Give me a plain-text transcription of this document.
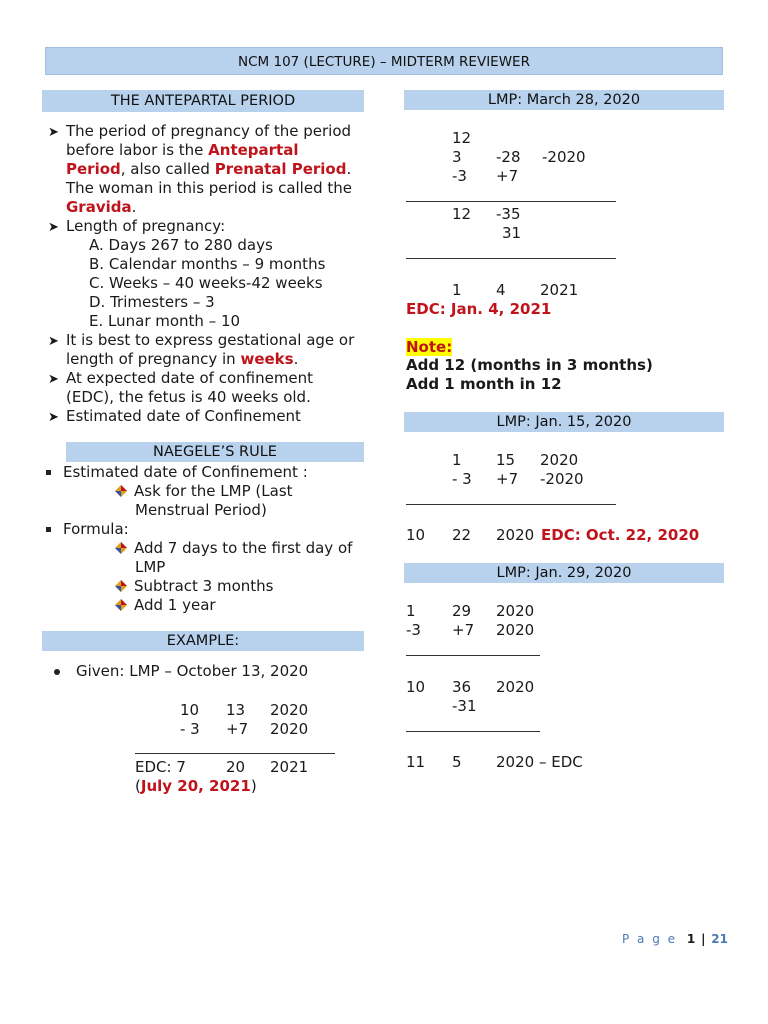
NCM 107 (LECTURE) – MIDTERM REVIEWER
THE ANTEPARTAL PERIOD
➤ The period of pregnancy of the period
before labor is the Antepartal
Period, also called Prenatal Period.
The woman in this period is called the
Gravida.
➤ Length of pregnancy:
A. Days 267 to 280 days
B. Calendar months – 9 months
C. Weeks – 40 weeks-42 weeks
D. Trimesters – 3
E. Lunar month – 10
➤ It is best to express gestational age or
length of pregnancy in weeks.
➤ At expected date of confinement
(EDC), the fetus is 40 weeks old.
➤ Estimated date of Confinement
NAEGELE’S RULE
Estimated date of Confinement :
Ask for the LMP (Last
Menstrual Period)
Formula:
Add 7 days to the first day of
LMP
Subtract 3 months
Add 1 year
EXAMPLE:
Given: LMP – October 13, 2020
10 13 2020
- 3 +7 2020
EDC: 7	20 2021
(July 20, 2021)
LMP: March 28, 2020
12
3 -28 -2020
-3 +7
12 -35
31
1 4 2021
EDC: Jan. 4, 2021
Note:
Add 12 (months in 3 months)
Add 1 month in 12
LMP: Jan. 15, 2020
1 15 2020
- 3 +7 -2020
10 22 2020 EDC: Oct. 22, 2020
LMP: Jan. 29, 2020
1 29 2020
-3 +7 2020
10 36 2020
-31
11 5 2020 – EDC
P a g e 1 | 21
